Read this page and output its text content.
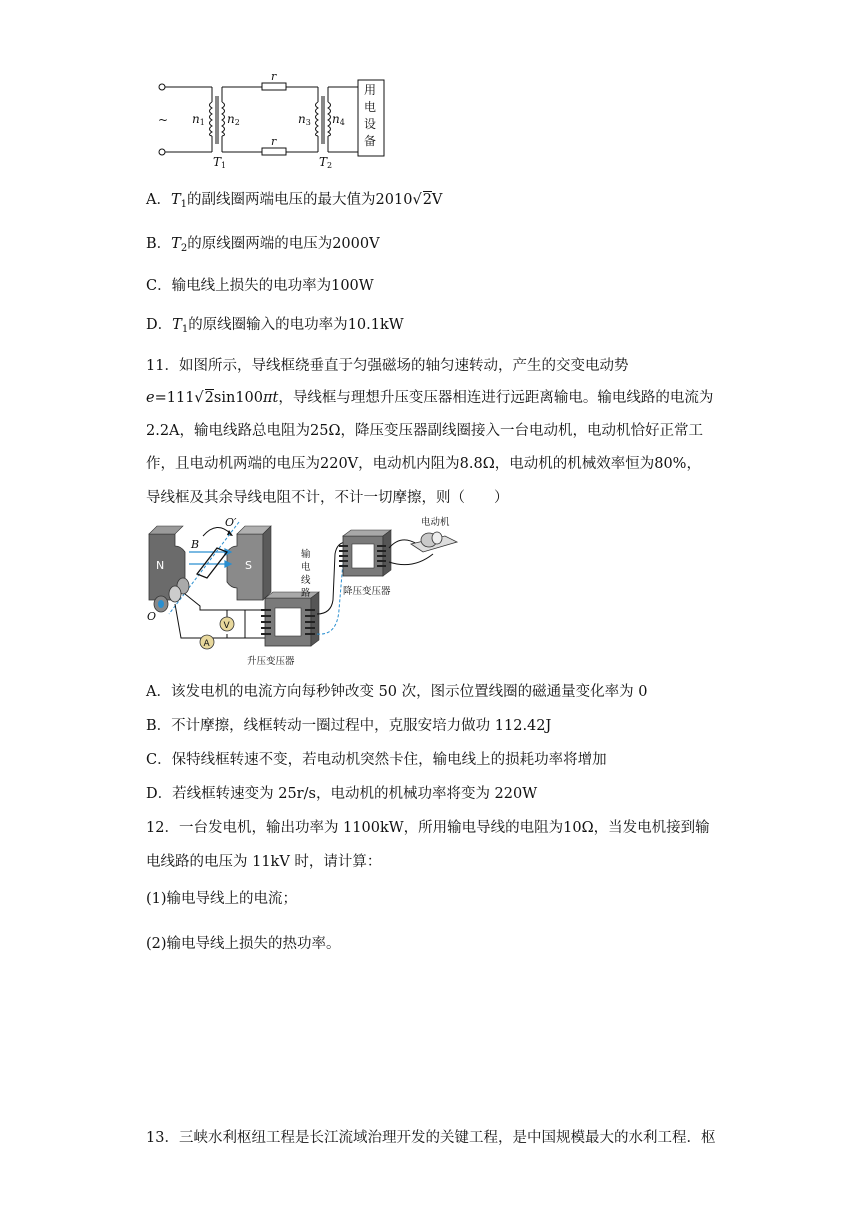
~ n1 n2	n3 n4
r
r
T1	T2
用
电
设
备
A．$T_1$的副线圈两端电压的最大值为2010√2V
B．$T_2$的原线圈两端的电压为2000V
C．输电线上损失的电功率为100W
D．$T_1$的原线圈输入的电功率为10.1kW
11．如图所示，导线框绕垂直于匀强磁场的轴匀速转动，产生的交变电动势
e=111√2sin100πt，导线框与理想升压变压器相连进行远距离输电。输电线路的电流为
2.2A，输电线路总电阻为25Ω，降压变压器副线圈接入一台电动机，电动机恰好正常工
作，且电动机两端的电压为220V，电动机内阻为8.8Ω，电动机的机械效率恒为80%，
导线框及其余导线电阻不计，不计一切摩擦，则（　　）
N	S
O′
B
O
V
A
升压变压器
输
电
线
路	降压变压器
电动机
A．该发电机的电流方向每秒钟改变 50 次，图示位置线圈的磁通量变化率为 0
B．不计摩擦，线框转动一圈过程中，克服安培力做功 112.42J
C．保特线框转速不变，若电动机突然卡住，输电线上的损耗功率将增加
D．若线框转速变为 25r/s，电动机的机械功率将变为 220W
12．一台发电机，输出功率为 1100kW，所用输电导线的电阻为10Ω，当发电机接到输
电线路的电压为 11kV 时，请计算：
(1)输电导线上的电流；
(2)输电导线上损失的热功率。
13．三峡水利枢纽工程是长江流域治理开发的关键工程，是中国规模最大的水利工程．枢
